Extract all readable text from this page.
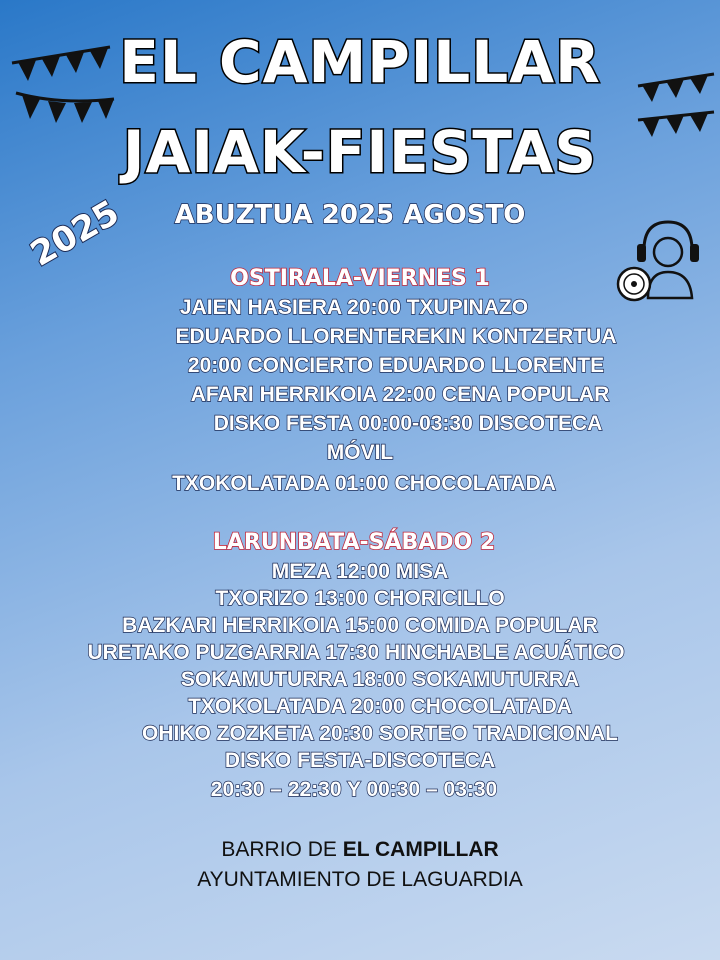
EL CAMPILLAR
JAIAK-FIESTAS
2025	ABUZTUA 2025 AGOSTO
OSTIRALA-VIERNES 1
JAIEN HASIERA 20:00 TXUPINAZO
EDUARDO LLORENTEREKIN KONTZERTUA
20:00 CONCIERTO EDUARDO LLORENTE
AFARI HERRIKOIA 22:00 CENA POPULAR
DISKO FESTA 00:00-03:30 DISCOTECA
MÓVIL
TXOKOLATADA 01:00 CHOCOLATADA
LARUNBATA-SÁBADO 2
MEZA 12:00 MISA
TXORIZO 13:00 CHORICILLO
BAZKARI HERRIKOIA 15:00 COMIDA POPULAR
URETAKO PUZGARRIA 17:30 HINCHABLE ACUÁTICO
SOKAMUTURRA 18:00 SOKAMUTURRA
TXOKOLATADA 20:00 CHOCOLATADA
OHIKO ZOZKETA 20:30 SORTEO TRADICIONAL
DISKO FESTA-DISCOTECA
20:30 – 22:30 Y 00:30 – 03:30
BARRIO DE EL CAMPILLAR
AYUNTAMIENTO DE LAGUARDIA
